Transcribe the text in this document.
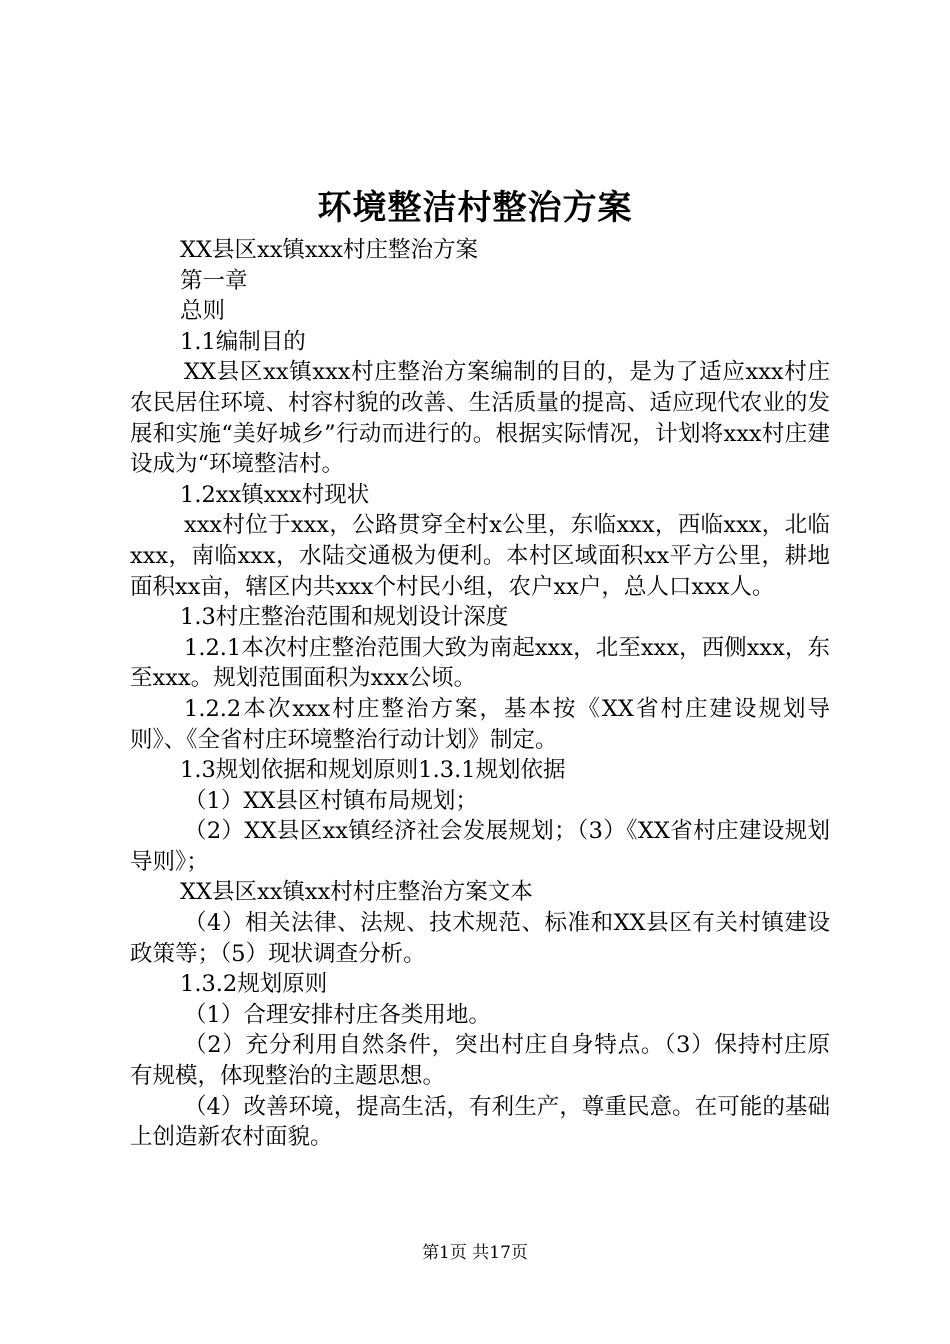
环境整洁村整治方案

XX县区xx镇xxx村庄整治方案

第一章

总则

1.1编制目的

XX县区xx镇xxx村庄整治方案编制的目的，是为了适应xxx村庄农民居住环境、村容村貌的改善、生活质量的提高、适应现代农业的发展和实施“美好城乡”行动而进行的。根据实际情况，计划将xxx村庄建设成为“环境整洁村。

1.2xx镇xxx村现状

xxx村位于xxx，公路贯穿全村x公里，东临xxx，西临xxx，北临xxx，南临xxx，水陆交通极为便利。本村区域面积xx平方公里，耕地面积xx亩，辖区内共xxx个村民小组，农户xx户，总人口xxx人。

1.3村庄整治范围和规划设计深度

1.2.1本次村庄整治范围大致为南起xxx，北至xxx，西侧xxx，东至xxx。规划范围面积为xxx公顷。

1.2.2本次xxx村庄整治方案，基本按《XX省村庄建设规划导则》、《全省村庄环境整治行动计划》制定。

1.3规划依据和规划原则1.3.1规划依据

（1）XX县区村镇布局规划；

（2）XX县区xx镇经济社会发展规划；（3）《XX省村庄建设规划导则》；

XX县区xx镇xx村村庄整治方案文本

（4）相关法律、法规、技术规范、标准和XX县区有关村镇建设政策等；（5）现状调查分析。

1.3.2规划原则

（1）合理安排村庄各类用地。

（2）充分利用自然条件，突出村庄自身特点。（3）保持村庄原有规模，体现整治的主题思想。

（4）改善环境，提高生活，有利生产，尊重民意。在可能的基础上创造新农村面貌。

第1页 共17页
